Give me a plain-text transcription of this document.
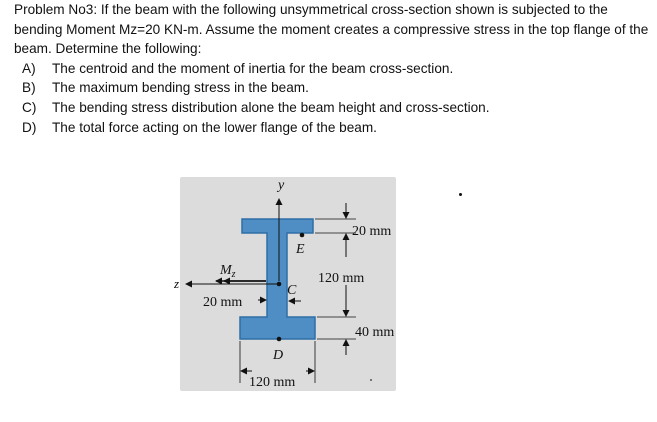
Problem No3: If the beam with the following unsymmetrical cross-section shown is subjected to the bending Moment Mz=20 KN-m. Assume the moment creates a compressive stress in the top flange of the beam. Determine the following:

A) The centroid and the moment of inertia for the beam cross-section.
B) The maximum bending stress in the beam.
C) The bending stress distribution alone the beam height and cross-section.
D) The total force acting on the lower flange of the beam.
y
z
$M_z$
E
C
D
20 mm
120 mm
20 mm
40 mm
120 mm
